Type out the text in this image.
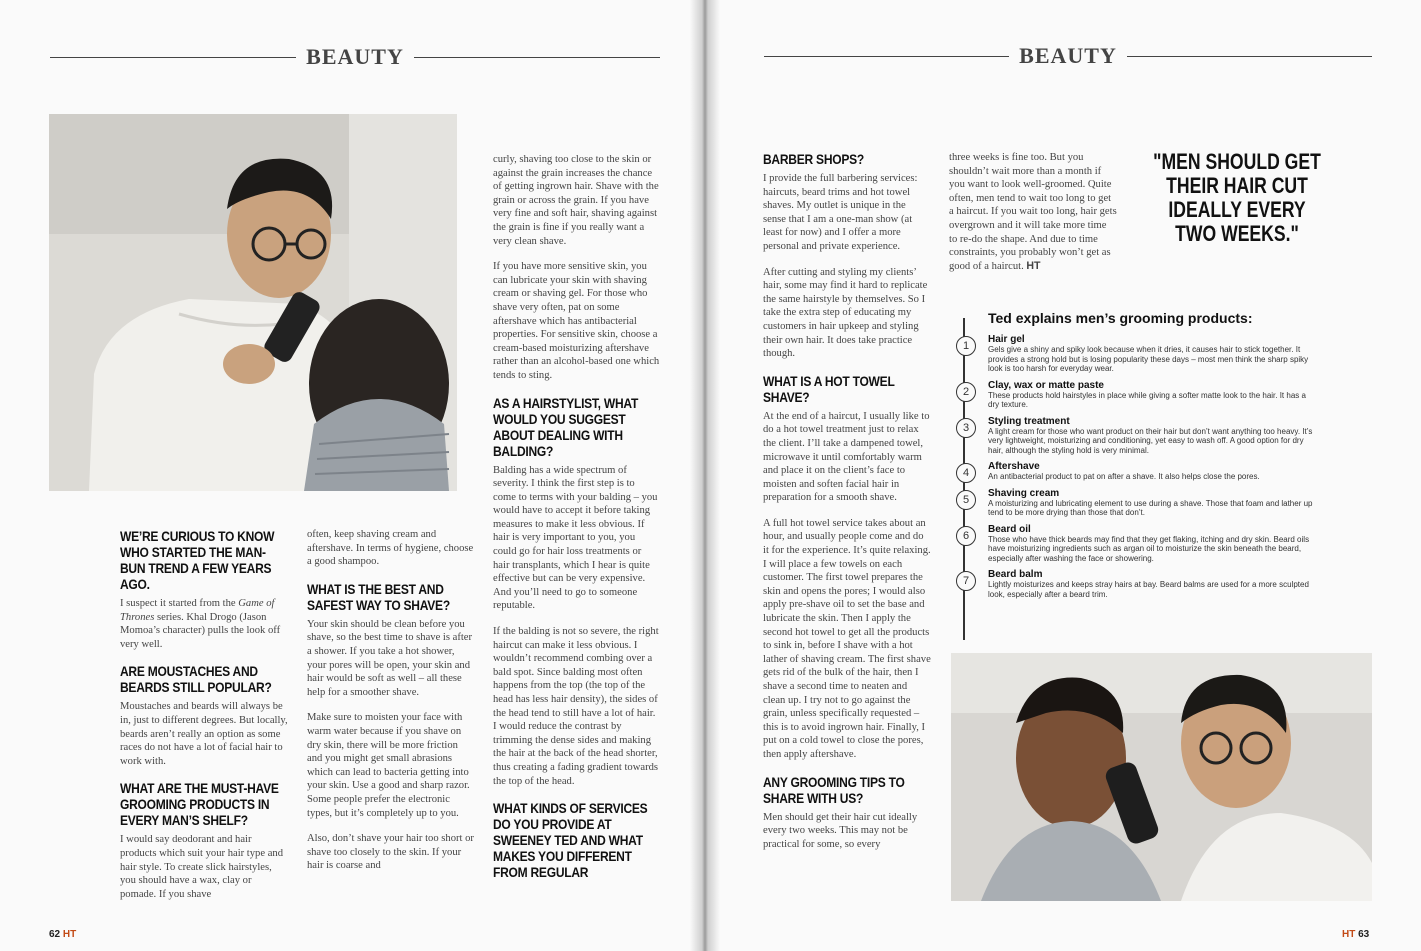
BEAUTY
WE’RE CURIOUS TO KNOW WHO STARTED THE MAN-BUN TREND A FEW YEARS AGO.

I suspect it started from the Game of Thrones series. Khal Drogo (Jason Momoa’s character) pulls the look off very well.

ARE MOUSTACHES AND BEARDS STILL POPULAR?

Moustaches and beards will always be in, just to different degrees. But locally, beards aren’t really an option as some races do not have a lot of facial hair to work with.

WHAT ARE THE MUST-HAVE GROOMING PRODUCTS IN EVERY MAN’S SHELF?

I would say deodorant and hair products which suit your hair type and hair style. To create slick hairstyles, you should have a wax, clay or pomade. If you shave

often, keep shaving cream and aftershave. In terms of hygiene, choose a good shampoo.

WHAT IS THE BEST AND SAFEST WAY TO SHAVE?

Your skin should be clean before you shave, so the best time to shave is after a shower. If you take a hot shower, your pores will be open, your skin and hair would be soft as well – all these help for a smoother shave.

Make sure to moisten your face with warm water because if you shave on dry skin, there will be more friction and you might get small abrasions which can lead to bacteria getting into your skin. Use a good and sharp razor. Some people prefer the electronic types, but it’s completely up to you.

Also, don’t shave your hair too short or shave too closely to the skin. If your hair is coarse and

curly, shaving too close to the skin or against the grain increases the chance of getting ingrown hair. Shave with the grain or across the grain. If you have very fine and soft hair, shaving against the grain is fine if you really want a very clean shave.

If you have more sensitive skin, you can lubricate your skin with shaving cream or shaving gel. For those who shave very often, pat on some aftershave which has antibacterial properties. For sensitive skin, choose a cream-based moisturizing aftershave rather than an alcohol-based one which tends to sting.

AS A HAIRSTYLIST, WHAT WOULD YOU SUGGEST ABOUT DEALING WITH BALDING?

Balding has a wide spectrum of severity. I think the first step is to come to terms with your balding – you would have to accept it before taking measures to make it less obvious. If hair is very important to you, you could go for hair loss treatments or hair transplants, which I hear is quite effective but can be very expensive. And you’ll need to go to someone reputable.

If the balding is not so severe, the right haircut can make it less obvious. I wouldn’t recommend combing over a bald spot. Since balding most often happens from the top (the top of the head has less hair density), the sides of the head tend to still have a lot of hair. I would reduce the contrast by trimming the dense sides and making the hair at the back of the head shorter, thus creating a fading gradient towards the top of the head.

WHAT KINDS OF SERVICES DO YOU PROVIDE AT SWEENEY TED AND WHAT MAKES YOU DIFFERENT FROM REGULAR
62 HT
BEAUTY
BARBER SHOPS?

I provide the full barbering services: haircuts, beard trims and hot towel shaves. My outlet is unique in the sense that I am a one-man show (at least for now) and I offer a more personal and private experience.

After cutting and styling my clients’ hair, some may find it hard to replicate the same hairstyle by themselves. So I take the extra step of educating my customers in hair upkeep and styling their own hair. It does take practice though.

WHAT IS A HOT TOWEL SHAVE?

At the end of a haircut, I usually like to do a hot towel treatment just to relax the client. I’ll take a dampened towel, microwave it until comfortably warm and place it on the client’s face to moisten and soften facial hair in preparation for a smooth shave.

A full hot towel service takes about an hour, and usually people come and do it for the experience. It’s quite relaxing. I will place a few towels on each customer. The first towel prepares the skin and opens the pores; I would also apply pre-shave oil to set the base and lubricate the skin. Then I apply the second hot towel to get all the products to sink in, before I shave with a hot lather of shaving cream. The first shave gets rid of the bulk of the hair, then I shave a second time to neaten and clean up. I try not to go against the grain, unless specifically requested – this is to avoid ingrown hair. Finally, I put on a cold towel to close the pores, then apply aftershave.

ANY GROOMING TIPS TO SHARE WITH US?

Men should get their hair cut ideally every two weeks. This may not be practical for some, so every

three weeks is fine too. But you shouldn’t wait more than a month if you want to look well-groomed. Quite often, men tend to wait too long to get a haircut. If you wait too long, hair gets overgrown and it will take more time to re-do the shape. And due to time constraints, you probably won’t get as good of a haircut. HT

"MEN SHOULD GET THEIR HAIR CUT IDEALLY EVERY TWO WEEKS."
Ted explains men’s grooming products:
1
Hair gel
Gels give a shiny and spiky look because when it dries, it causes hair to stick together. It provides a strong hold but is losing popularity these days – most men think the sharp spiky look is too harsh for everyday wear.
2
Clay, wax or matte paste
These products hold hairstyles in place while giving a softer matte look to the hair. It has a dry texture.
3
Styling treatment
A light cream for those who want product on their hair but don’t want anything too heavy. It’s very lightweight, moisturizing and conditioning, yet easy to wash off. A good option for dry hair, although the styling hold is very minimal.
4
Aftershave
An antibacterial product to pat on after a shave. It also helps close the pores.
5
Shaving cream
A moisturizing and lubricating element to use during a shave. Those that foam and lather up tend to be more drying than those that don’t.
6
Beard oil
Those who have thick beards may find that they get flaking, itching and dry skin. Beard oils have moisturizing ingredients such as argan oil to moisturize the skin beneath the beard, especially after washing the face or showering.
7
Beard balm
Lightly moisturizes and keeps stray hairs at bay. Beard balms are used for a more sculpted look, especially after a beard trim.
HT 63
